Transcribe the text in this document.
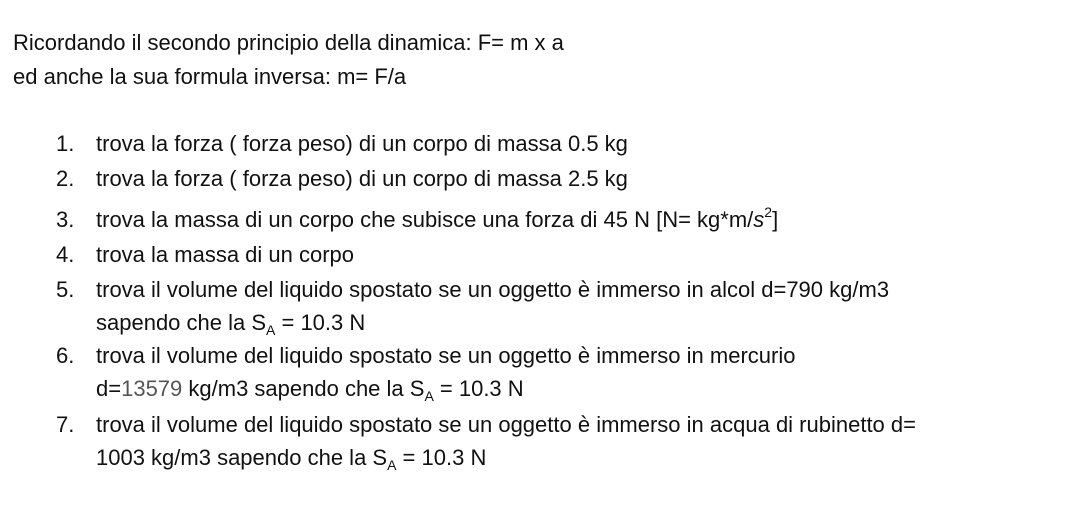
Ricordando il secondo principio della dinamica: F= m x a
ed anche la sua formula inversa: m= F/a
1. trova la forza ( forza peso) di un corpo di massa 0.5 kg
2. trova la forza ( forza peso) di un corpo di massa 2.5 kg
3. trova la massa di un corpo che subisce una forza di 45 N $[N= kg*m/s^2]$
4. trova la massa di un corpo
5. trova il volume del liquido spostato se un oggetto è immerso in alcol d=790 kg/m3
sapendo che la $S_A = 10.3$ N
6. trova il volume del liquido spostato se un oggetto è immerso in mercurio
d=13579 kg/m3 sapendo che la $S_A = 10.3$ N
7. trova il volume del liquido spostato se un oggetto è immerso in acqua di rubinetto d=
1003 kg/m3 sapendo che la $S_A = 10.3$ N
